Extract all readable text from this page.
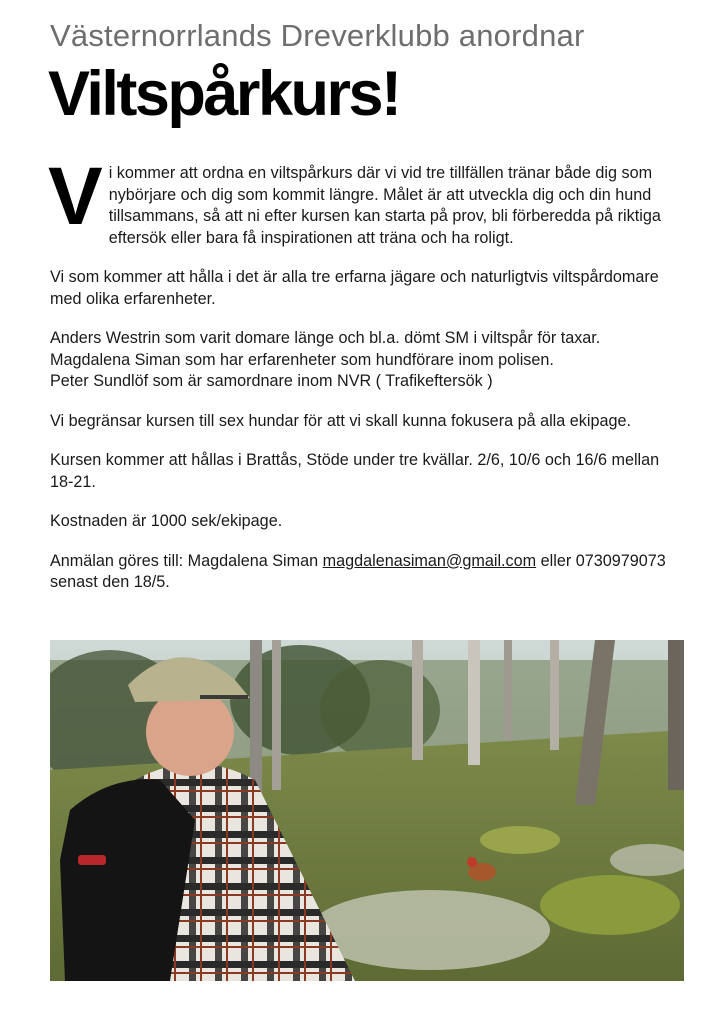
Västernorrlands Dreverklubb anordnar
Viltspårkurs!

Vi kommer att ordna en viltspårkurs där vi vid tre tillfällen tränar både dig som nybörjare och dig som kommit längre. Målet är att utveckla dig och din hund tillsammans, så att ni efter kursen kan starta på prov, bli förberedda på riktiga eftersök eller bara få inspirationen att träna och ha roligt.

Vi som kommer att hålla i det är alla tre erfarna jägare och naturligtvis viltspårdomare med olika erfarenheter.

Anders Westrin som varit domare länge och bl.a. dömt SM i viltspår för taxar.
Magdalena Siman som har erfarenheter som hundförare inom polisen.
Peter Sundlöf som är samordnare inom NVR ( Trafikeftersök )

Vi begränsar kursen till sex hundar för att vi skall kunna fokusera på alla ekipage.

Kursen kommer att hållas i Brattås, Stöde under tre kvällar. 2/6, 10/6 och 16/6 mellan 18-21.

Kostnaden är 1000 sek/ekipage.

Anmälan göres till: Magdalena Siman magdalenasiman@gmail.com eller 0730979073 senast den 18/5.
